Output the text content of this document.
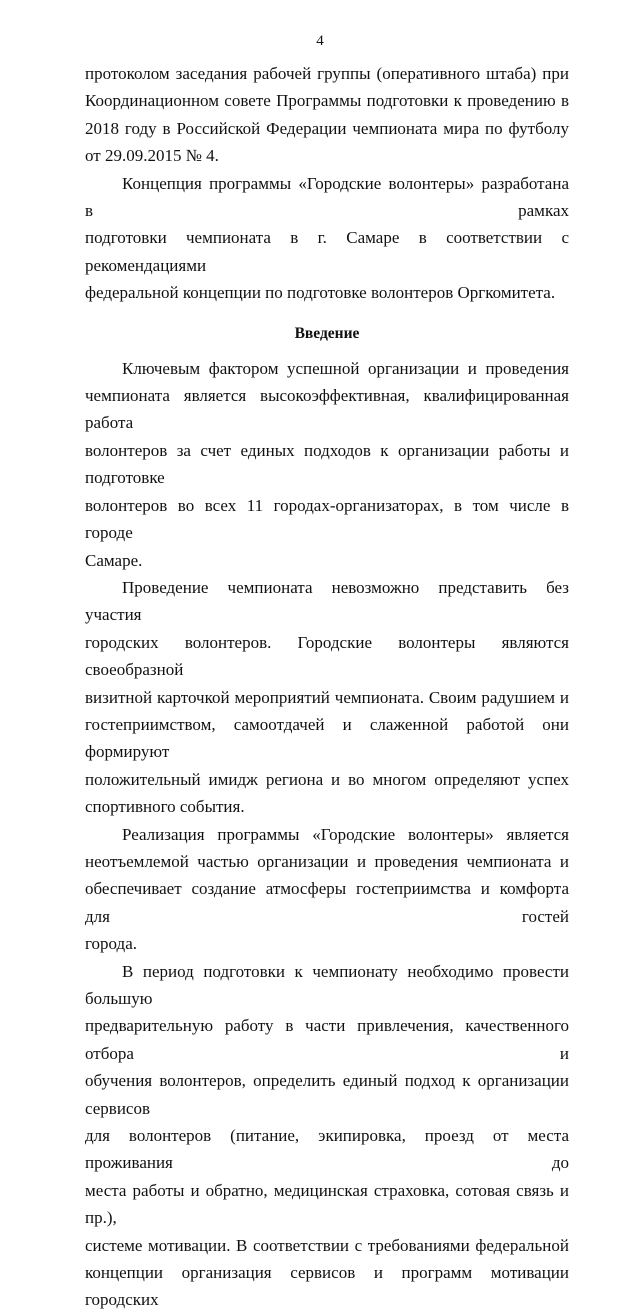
4

протоколом заседания рабочей группы (оперативного штаба) при
Координационном совете Программы подготовки к проведению в
2018 году в Российской Федерации чемпионата мира по футболу
от 29.09.2015 № 4.

Концепция программы «Городские волонтеры» разработана в рамках
подготовки чемпионата в г. Самаре в соответствии с рекомендациями
федеральной концепции по подготовке волонтеров Оргкомитета.

Введение

Ключевым фактором успешной организации и проведения
чемпионата является высокоэффективная, квалифицированная работа
волонтеров за счет единых подходов к организации работы и подготовке
волонтеров во всех 11 городах-организаторах, в том числе в городе
Самаре.

Проведение чемпионата невозможно представить без участия
городских волонтеров. Городские волонтеры являются своеобразной
визитной карточкой мероприятий чемпионата. Своим радушием и
гостеприимством, самоотдачей и слаженной работой они формируют
положительный имидж региона и во многом определяют успех
спортивного события.

Реализация программы «Городские волонтеры» является
неотъемлемой частью организации и проведения чемпионата и
обеспечивает создание атмосферы гостеприимства и комфорта для гостей
города.

В период подготовки к чемпионату необходимо провести большую
предварительную работу в части привлечения, качественного отбора и
обучения волонтеров, определить единый подход к организации сервисов
для волонтеров (питание, экипировка, проезд от места проживания до
места работы и обратно, медицинская страховка, сотовая связь и пр.),
системе мотивации. В соответствии с требованиями федеральной
концепции организация сервисов и программ мотивации городских
